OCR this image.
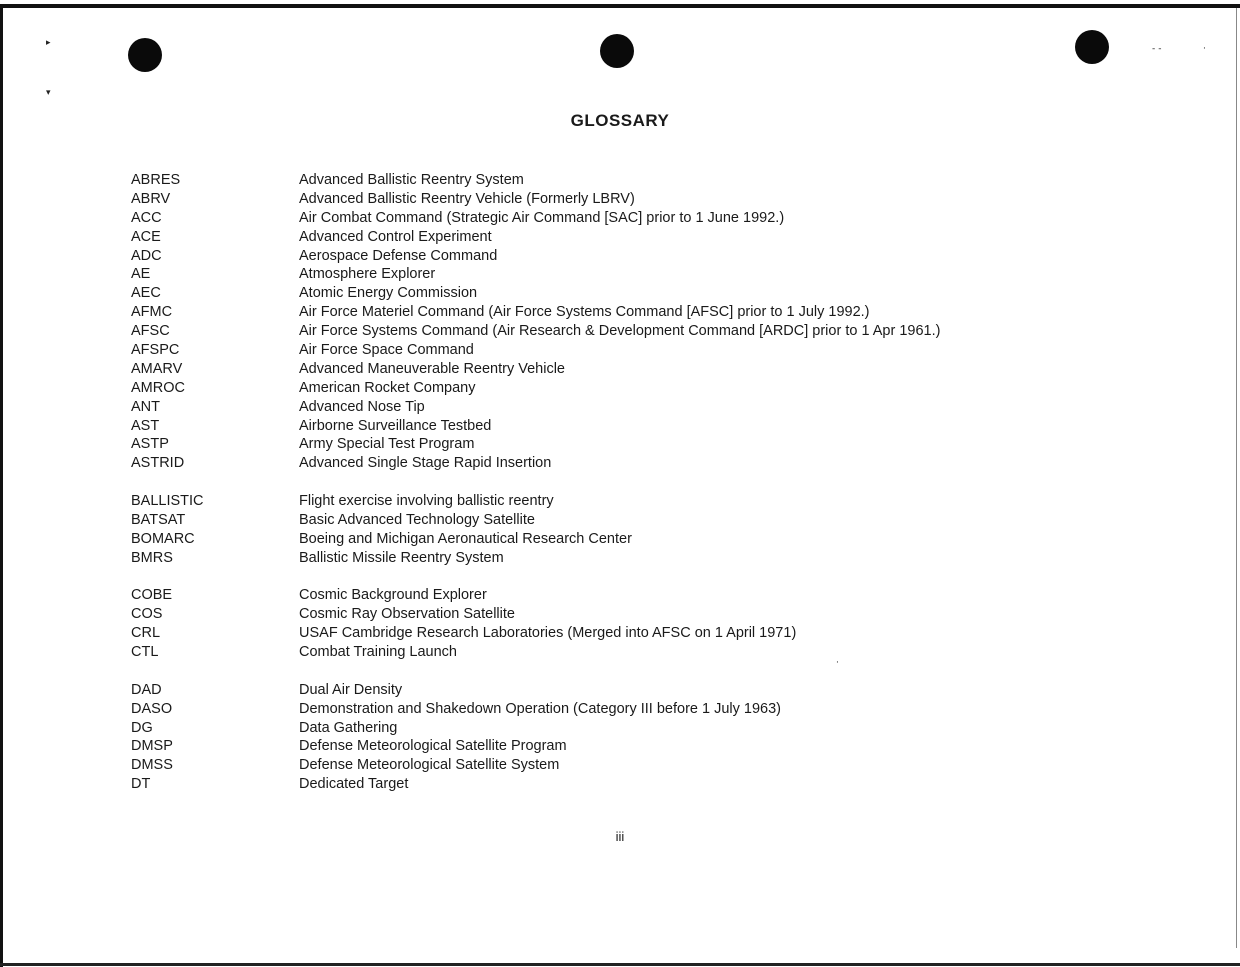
▸
▾
‐‐	·
·
GLOSSARY
ABRES	Advanced Ballistic Reentry System
ABRV	Advanced Ballistic Reentry Vehicle (Formerly LBRV)
ACC	Air Combat Command (Strategic Air Command [SAC] prior to 1 June 1992.)
ACE	Advanced Control Experiment
ADC	Aerospace Defense Command
AE	Atmosphere Explorer
AEC	Atomic Energy Commission
AFMC	Air Force Materiel Command (Air Force Systems Command [AFSC] prior to 1 July 1992.)
AFSC	Air Force Systems Command (Air Research & Development Command [ARDC] prior to 1 Apr 1961.)
AFSPC	Air Force Space Command
AMARV	Advanced Maneuverable Reentry Vehicle
AMROC	American Rocket Company
ANT	Advanced Nose Tip
AST	Airborne Surveillance Testbed
ASTP	Army Special Test Program
ASTRID	Advanced Single Stage Rapid Insertion
BALLISTIC	Flight exercise involving ballistic reentry
BATSAT	Basic Advanced Technology Satellite
BOMARC	Boeing and Michigan Aeronautical Research Center
BMRS	Ballistic Missile Reentry System
COBE	Cosmic Background Explorer
COS	Cosmic Ray Observation Satellite
CRL	USAF Cambridge Research Laboratories (Merged into AFSC on 1 April 1971)
CTL	Combat Training Launch
DAD	Dual Air Density
DASO	Demonstration and Shakedown Operation (Category III before 1 July 1963)
DG	Data Gathering
DMSP	Defense Meteorological Satellite Program
DMSS	Defense Meteorological Satellite System
DT	Dedicated Target
iii
